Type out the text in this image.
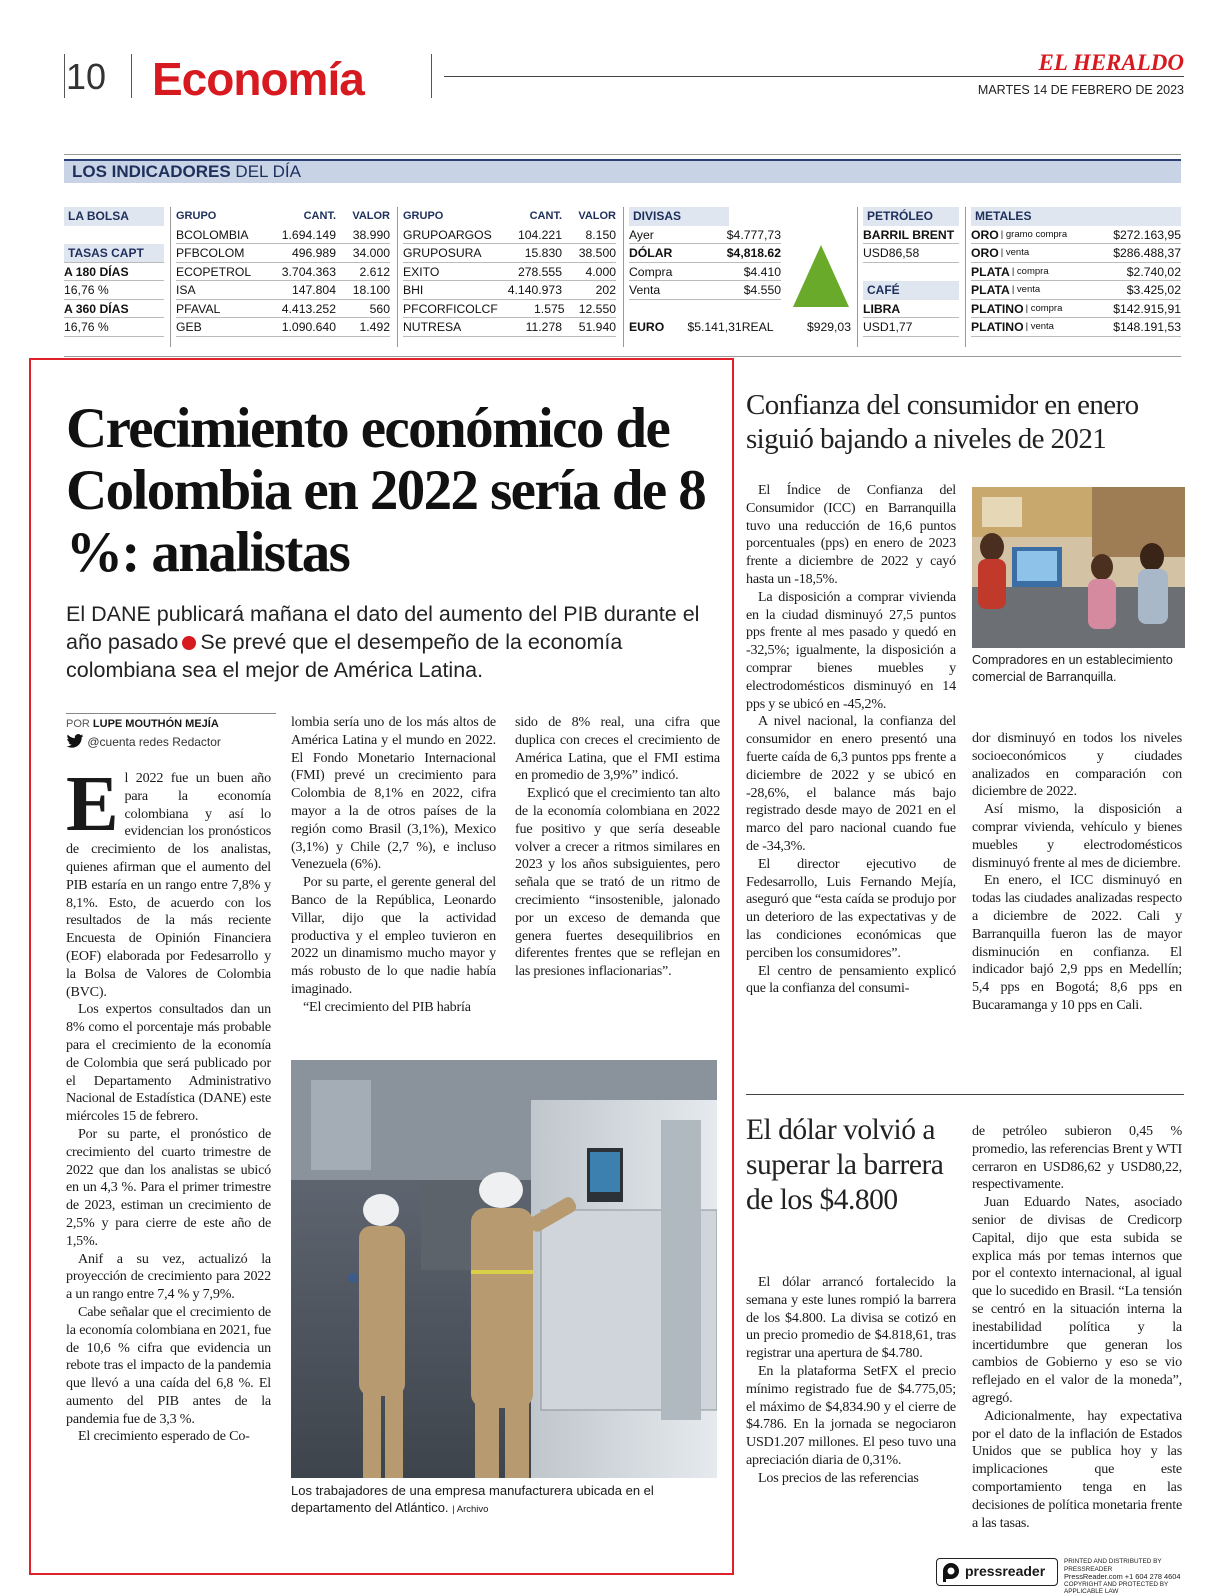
10 Economía	EL HERALDO
MARTES 14 DE FEBRERO DE 2023
LOS INDICADORES DEL DÍA
LA BOLSA
TASAS CAPT
A 180 DÍAS
16,76 %
A 360 DÍAS
16,76 %
GRUPO	CANT.	VALOR
BCOLOMBIA	1.694.149	38.990
PFBCOLOM	496.989	34.000
ECOPETROL	3.704.363	2.612
ISA	147.804	18.100
PFAVAL	4.413.252	560
GEB	1.090.640	1.492
GRUPO	CANT.	VALOR
GRUPOARGOS	104.221	8.150
GRUPOSURA	15.830	38.500
EXITO	278.555	4.000
BHI	4.140.973	202
PFCORFICOLCF	1.575	12.550
NUTRESA	11.278	51.940
DIVISAS
Ayer	$4.777,73
DÓLAR	$4,818.62
Compra	$4.410
Venta	$4.550
EURO	$5.141,31 REAL	$929,03
PETRÓLEO
BARRIL BRENT
USD86,58
CAFÉ
LIBRA
USD1,77
METALES
ORO | gramo compra	$272.163,95
ORO | venta	$286.488,37
PLATA | compra	$2.740,02
PLATA | venta	$3.425,02
PLATINO | compra	$142.915,91
PLATINO | venta	$148.191,53
Crecimiento económico de Colombia en 2022 sería de 8 %: analistas
El DANE publicará mañana el dato del aumento del PIB durante el año pasado Se prevé que el desempeño de la economía colombiana sea el mejor de América Latina.
POR LUPE MOUTHÓN MEJÍA
@cuenta redes Redactor
E l 2022 fue un buen año para la economía colombiana y así lo evidencian los pronósticos de crecimiento de los analistas, quienes afirman que el aumento del PIB estaría en un rango entre 7,8% y 8,1%. Esto, de acuerdo con los resultados de la más reciente Encuesta de Opinión Financiera (EOF) elaborada por Fedesarrollo y la Bolsa de Valores de Colombia (BVC).

Los expertos consultados dan un 8% como el porcentaje más probable para el crecimiento de la economía de Colombia que será publicado por el Departamento Administrativo Nacional de Estadística (DANE) este miércoles 15 de febrero.

Por su parte, el pronóstico de crecimiento del cuarto trimestre de 2022 que dan los analistas se ubicó en un 4,3 %. Para el primer trimestre de 2023, estiman un crecimiento de 2,5% y para cierre de este año de 1,5%.

Anif a su vez, actualizó la proyección de crecimiento para 2022 a un rango entre 7,4 % y 7,9%.

Cabe señalar que el crecimiento de la economía colombiana en 2021, fue de 10,6 % cifra que evidencia un rebote tras el impacto de la pandemia que llevó a una caída del 6,8 %. El aumento del PIB antes de la pandemia fue de 3,3 %.

El crecimiento esperado de Co-

lombia sería uno de los más altos de América Latina y el mundo en 2022. El Fondo Monetario Internacional (FMI) prevé un crecimiento para Colombia de 8,1% en 2022, cifra mayor a la de otros países de la región como Brasil (3,1%), Mexico (3,1%) y Chile (2,7 %), e incluso Venezuela (6%).

Por su parte, el gerente general del Banco de la República, Leonardo Villar, dijo que la actividad productiva y el empleo tuvieron en 2022 un dinamismo mucho mayor y más robusto de lo que nadie había imaginado.

“El crecimiento del PIB habría

sido de 8% real, una cifra que duplica con creces el crecimiento de América Latina, que el FMI estima en promedio de 3,9%” indicó.

Explicó que el crecimiento tan alto de la economía colombiana en 2022 fue positivo y que sería deseable volver a crecer a ritmos similares en 2023 y los años subsiguientes, pero señala que se trató de un ritmo de crecimiento “insostenible, jalonado por un exceso de demanda que genera fuertes desequilibrios en diferentes frentes que se reflejan en las presiones inflacionarias”.

Los trabajadores de una empresa manufacturera ubicada en el departamento del Atlántico. | Archivo
Confianza del consumidor en enero siguió bajando a niveles de 2021

El Índice de Confianza del Consumidor (ICC) en Barranquilla tuvo una reducción de 16,6 puntos porcentuales (pps) en enero de 2023 frente a diciembre de 2022 y cayó hasta un -18,5%.

La disposición a comprar vivienda en la ciudad disminuyó 27,5 puntos pps frente al mes pasado y quedó en -32,5%; igualmente, la disposición a comprar bienes muebles y electrodomésticos disminuyó en 14 pps y se ubicó en -45,2%.

A nivel nacional, la confianza del consumidor en enero presentó una fuerte caída de 6,3 puntos pps frente a diciembre de 2022 y se ubicó en -28,6%, el balance más bajo registrado desde mayo de 2021 en el marco del paro nacional cuando fue de -34,3%.

El director ejecutivo de Fedesarrollo, Luis Fernando Mejía, aseguró que “esta caída se produjo por un deterioro de las expectativas y de las condiciones económicas que perciben los consumidores”.

El centro de pensamiento explicó que la confianza del consumi-

Compradores en un establecimiento comercial de Barranquilla.

dor disminuyó en todos los niveles socioeconómicos y ciudades analizados en comparación con diciembre de 2022.

Así mismo, la disposición a comprar vivienda, vehículo y bienes muebles y electrodomésticos disminuyó frente al mes de diciembre.

En enero, el ICC disminuyó en todas las ciudades analizadas respecto a diciembre de 2022. Cali y Barranquilla fueron las de mayor disminución en confianza. El indicador bajó 2,9 pps en Medellín; 5,4 pps en Bogotá; 8,6 pps en Bucaramanga y 10 pps en Cali.

El dólar volvió a superar la barrera de los $4.800

El dólar arrancó fortalecido la semana y este lunes rompió la barrera de los $4.800. La divisa se cotizó en un precio promedio de $4.818,61, tras registrar una apertura de $4.780.

En la plataforma SetFX el precio mínimo registrado fue de $4.775,05; el máximo de $4,834.90 y el cierre de $4.786. En la jornada se negociaron USD1.207 millones. El peso tuvo una apreciación diaria de 0,31%.

Los precios de las referencias

de petróleo subieron 0,45 % promedio, las referencias Brent y WTI cerraron en USD86,62 y USD80,22, respectivamente.

Juan Eduardo Nates, asociado senior de divisas de Credicorp Capital, dijo que esta subida se explica más por temas internos que por el contexto internacional, al igual que lo sucedido en Brasil. “La tensión se centró en la situación interna la inestabilidad política y la incertidumbre que generan los cambios de Gobierno y eso se vio reflejado en el valor de la moneda”, agregó.

Adicionalmente, hay expectativa por el dato de la inflación de Estados Unidos que se publica hoy y las implicaciones que este comportamiento tenga en las decisiones de política monetaria frente a las tasas.

pressreader
PRINTED AND DISTRIBUTED BY PRESSREADER
PressReader.com +1 604 278 4604
COPYRIGHT AND PROTECTED BY APPLICABLE LAW
